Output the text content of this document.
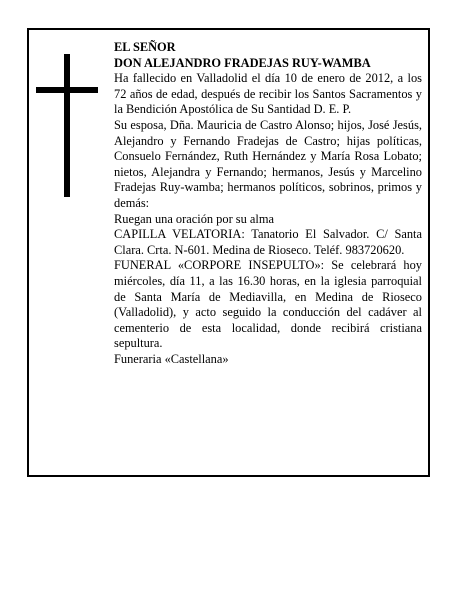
EL SEÑOR

DON ALEJANDRO FRADEJAS RUY-WAMBA

Ha fallecido en Valladolid el día 10 de enero de 2012, a los 72 años de edad, después de recibir los Santos Sacramentos y la Bendición Apostólica de Su Santidad D. E. P.

Su esposa, Dña. Mauricia de Castro Alonso; hijos, José Jesús, Alejandro y Fernando Fradejas de Castro; hijas políticas, Consuelo Fernández, Ruth Hernández y María Rosa Lobato; nietos, Alejandra y Fernando; hermanos, Jesús y Marcelino Fradejas Ruy-wamba; hermanos políticos, sobrinos, primos y demás:

Ruegan una oración por su alma

CAPILLA VELATORIA: Tanatorio El Salvador. C/ Santa Clara. Crta. N-601. Medina de Rioseco. Teléf. 983720620.

FUNERAL «CORPORE INSEPULTO»: Se celebrará hoy miércoles, día 11, a las 16.30 horas, en la iglesia parroquial de Santa María de Mediavilla, en Medina de Rioseco (Valladolid), y acto seguido la conducción del cadáver al cementerio de esta localidad, donde recibirá cristiana sepultura.

Funeraria «Castellana»
